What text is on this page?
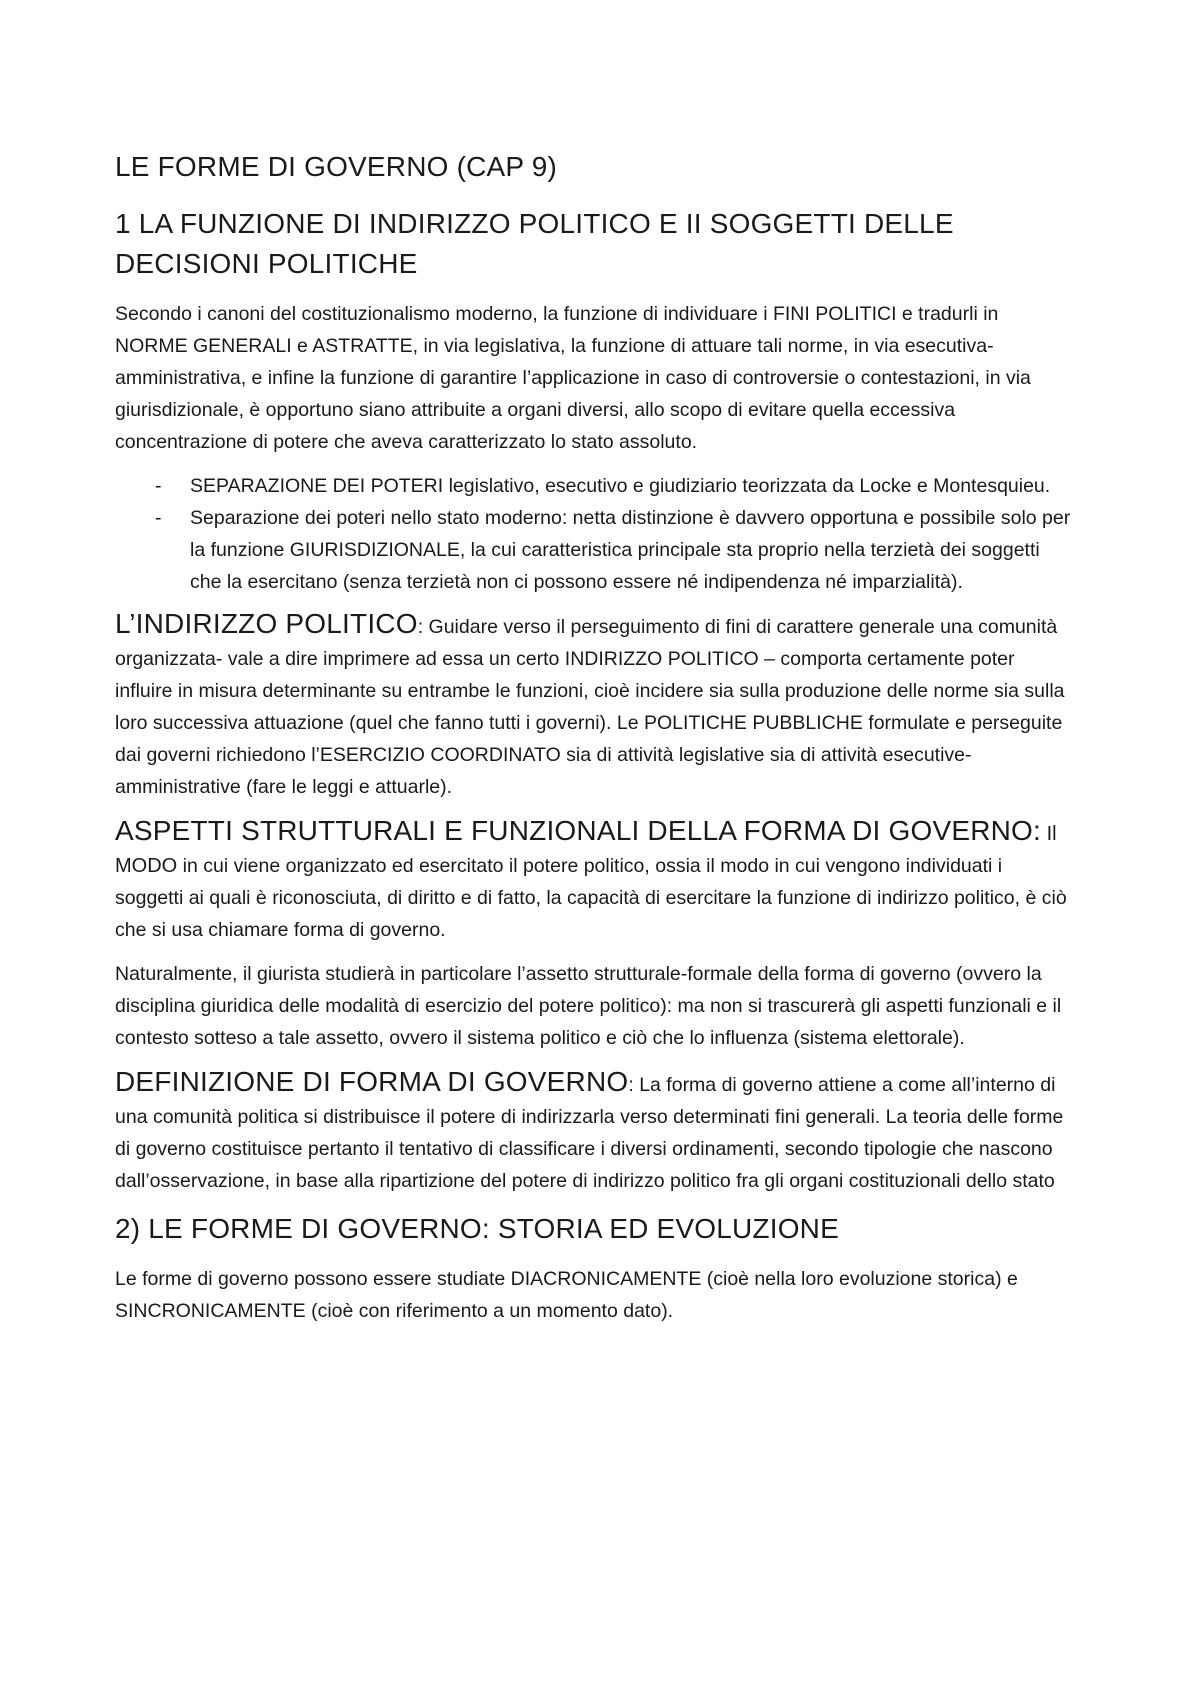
LE FORME DI GOVERNO (CAP 9)
1 LA FUNZIONE DI INDIRIZZO POLITICO E II SOGGETTI DELLE DECISIONI POLITICHE

Secondo i canoni del costituzionalismo moderno, la funzione di individuare i FINI POLITICI e tradurli in NORME GENERALI e ASTRATTE, in via legislativa, la funzione di attuare tali norme, in via esecutiva-amministrativa, e infine la funzione di garantire l’applicazione in caso di controversie o contestazioni, in via giurisdizionale, è opportuno siano attribuite a organi diversi, allo scopo di evitare quella eccessiva concentrazione di potere che aveva caratterizzato lo stato assoluto.

- SEPARAZIONE DEI POTERI legislativo, esecutivo e giudiziario teorizzata da Locke e Montesquieu.
- Separazione dei poteri nello stato moderno: netta distinzione è davvero opportuna e possibile solo per la funzione GIURISDIZIONALE, la cui caratteristica principale sta proprio nella terzietà dei soggetti che la esercitano (senza terzietà non ci possono essere né indipendenza né imparzialità).

L’INDIRIZZO POLITICO: Guidare verso il perseguimento di fini di carattere generale una comunità organizzata- vale a dire imprimere ad essa un certo INDIRIZZO POLITICO – comporta certamente poter influire in misura determinante su entrambe le funzioni, cioè incidere sia sulla produzione delle norme sia sulla loro successiva attuazione (quel che fanno tutti i governi). Le POLITICHE PUBBLICHE formulate e perseguite dai governi richiedono l’ESERCIZIO COORDINATO sia di attività legislative sia di attività esecutive-amministrative (fare le leggi e attuarle).

ASPETTI STRUTTURALI E FUNZIONALI DELLA FORMA DI GOVERNO: Il MODO in cui viene organizzato ed esercitato il potere politico, ossia il modo in cui vengono individuati i soggetti ai quali è riconosciuta, di diritto e di fatto, la capacità di esercitare la funzione di indirizzo politico, è ciò che si usa chiamare forma di governo.

Naturalmente, il giurista studierà in particolare l’assetto strutturale-formale della forma di governo (ovvero la disciplina giuridica delle modalità di esercizio del potere politico): ma non si trascurerà gli aspetti funzionali e il contesto sotteso a tale assetto, ovvero il sistema politico e ciò che lo influenza (sistema elettorale).

DEFINIZIONE DI FORMA DI GOVERNO: La forma di governo attiene a come all’interno di una comunità politica si distribuisce il potere di indirizzarla verso determinati fini generali. La teoria delle forme di governo costituisce pertanto il tentativo di classificare i diversi ordinamenti, secondo tipologie che nascono dall’osservazione, in base alla ripartizione del potere di indirizzo politico fra gli organi costituzionali dello stato

2) LE FORME DI GOVERNO: STORIA ED EVOLUZIONE

Le forme di governo possono essere studiate DIACRONICAMENTE (cioè nella loro evoluzione storica) e SINCRONICAMENTE (cioè con riferimento a un momento dato).
